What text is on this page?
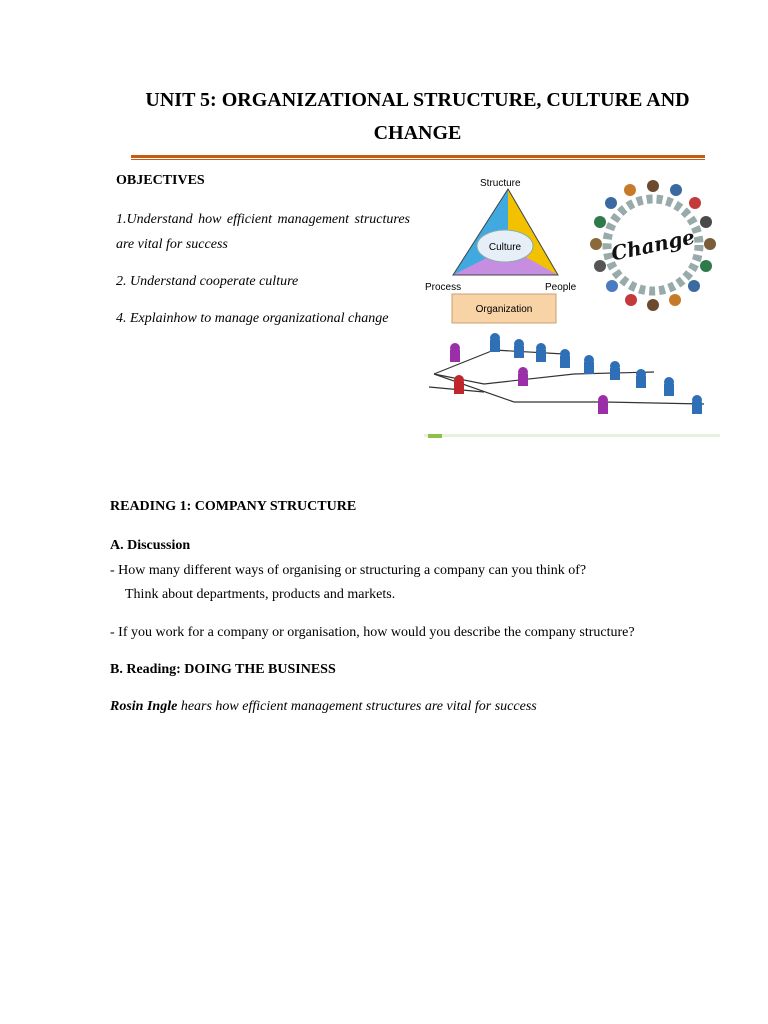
UNIT 5: ORGANIZATIONAL STRUCTURE, CULTURE AND
CHANGE
OBJECTIVES
1.Understand how efficient management structures are vital for success
2. Understand cooperate culture
4. Explainhow to manage organizational change
Structure
Culture
Process	People
Organization
Change
READING 1: COMPANY STRUCTURE
A. Discussion
- How many different ways of organising or structuring a company can you think of?
Think about departments, products and markets.
- If you work for a company or organisation, how would you describe the company structure?
B. Reading: DOING THE BUSINESS
Rosin Ingle hears how efficient management structures are vital for success
